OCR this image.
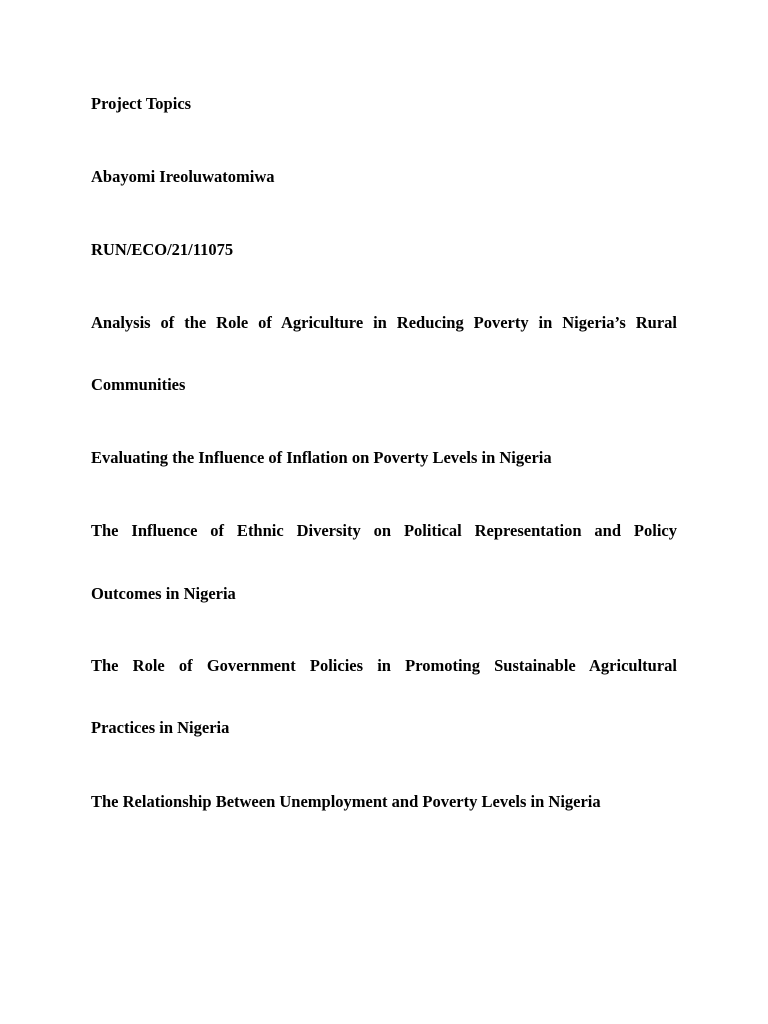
Project Topics
Abayomi Ireoluwatomiwa
RUN/ECO/21/11075
Analysis of the Role of Agriculture in Reducing Poverty in Nigeria’s Rural
Communities
Evaluating the Influence of Inflation on Poverty Levels in Nigeria
The Influence of Ethnic Diversity on Political Representation and Policy
Outcomes in Nigeria
The Role of Government Policies in Promoting Sustainable Agricultural
Practices in Nigeria
The Relationship Between Unemployment and Poverty Levels in Nigeria
